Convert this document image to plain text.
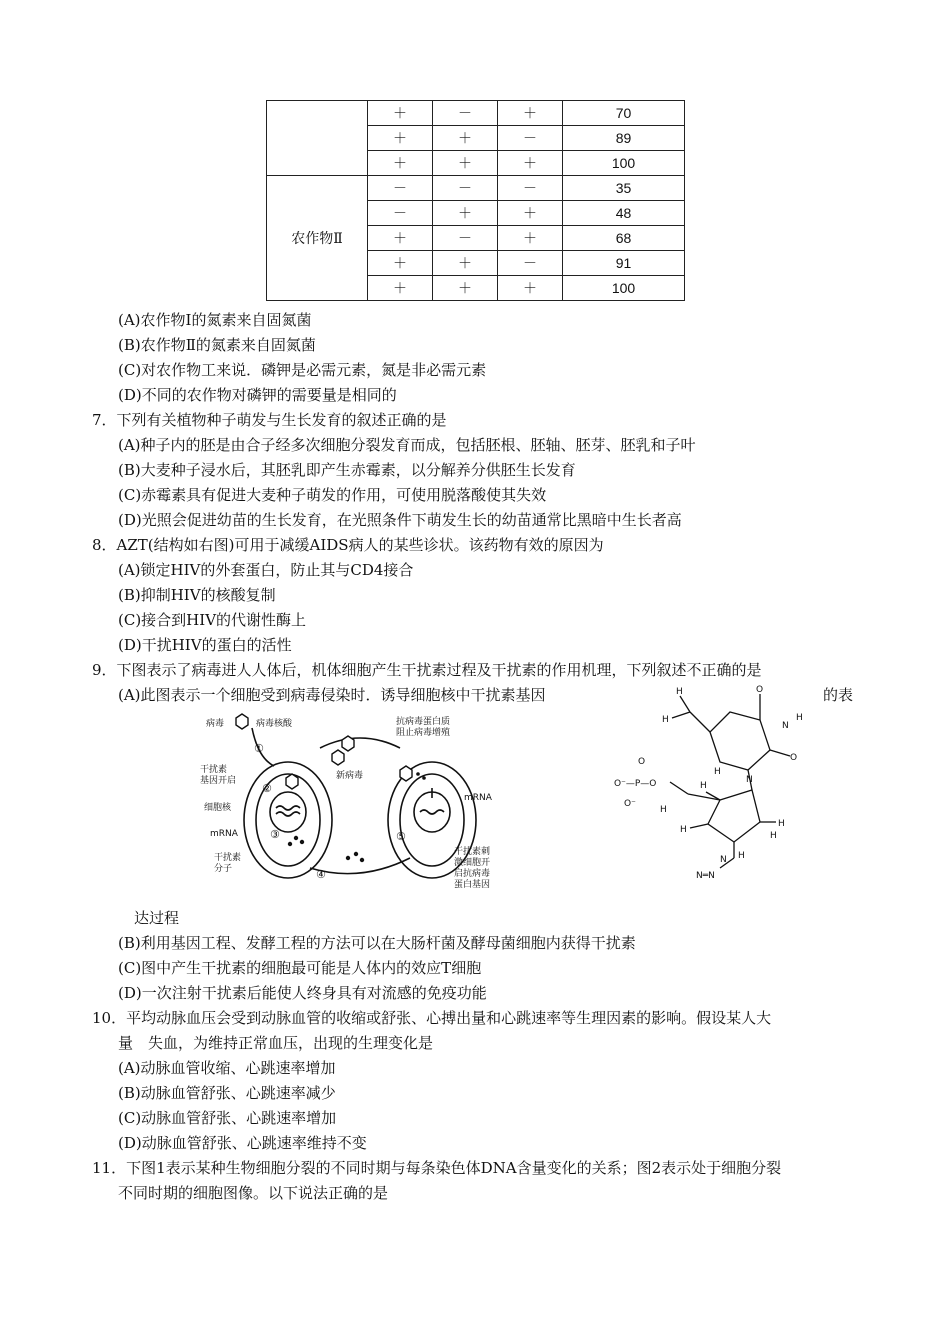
	＋	－	＋	70
	＋	＋	－	89
	＋	＋	＋	100
农作物Ⅱ	－	－	－	35
	－	＋	＋	48
	＋	－	＋	68
	＋	＋	－	91
	＋	＋	＋	100
(A)农作物Ⅰ的氮素来自固氮菌
(B)农作物Ⅱ的氮素来自固氮菌
(C)对农作物工来说．磷钾是必需元素，氮是非必需元素
(D)不同的农作物对磷钾的需要量是相同的
7．下列有关植物种子萌发与生长发育的叙述正确的是
(A)种子内的胚是由合子经多次细胞分裂发育而成，包括胚根、胚轴、胚芽、胚乳和子叶
(B)大麦种子浸水后，其胚乳即产生赤霉素，以分解养分供胚生长发育
(C)赤霉素具有促进大麦种子萌发的作用，可使用脱落酸使其失效
(D)光照会促进幼苗的生长发育，在光照条件下萌发生长的幼苗通常比黑暗中生长者高
8．AZT(结构如右图)可用于减缓AIDS病人的某些诊状。该药物有效的原因为
(A)锁定HIV的外套蛋白，防止其与CD4接合
(B)抑制HIV的核酸复制
(C)接合到HIV的代谢性酶上
(D)干扰HIV的蛋白的活性
9．下图表示了病毒进人人体后，机体细胞产生干扰素过程及干扰素的作用机理，下列叙述不正确的是
(A)此图表示一个细胞受到病毒侵染时．诱导细胞核中干扰素基因	的表
病毒	病毒核酸
①
干扰素
基因开启
②
细胞核
mRNA	③
干扰素
分子	④
新病毒
抗病毒蛋白质
阻止病毒增殖
mRNA
⑤
干扰素刺
激细胞开
启抗病毒
蛋白基因
O
O
N
H
N
H
H
H
O
O⁻—P—O
O⁻
H
H
H
H
H
H
N
N═N
达过程
(B)利用基因工程、发酵工程的方法可以在大肠杆菌及酵母菌细胞内获得干扰素
(C)图中产生干扰素的细胞最可能是人体内的效应T细胞
(D)一次注射干扰素后能使人终身具有对流感的免疫功能
10．平均动脉血压会受到动脉血管的收缩或舒张、心搏出量和心跳速率等生理因素的影响。假设某人大
量　失血，为维持正常血压，出现的生理变化是
(A)动脉血管收缩、心跳速率增加
(B)动脉血管舒张、心跳速率减少
(C)动脉血管舒张、心跳速率增加
(D)动脉血管舒张、心跳速率维持不变
11．下图1表示某种生物细胞分裂的不同时期与每条染色体DNA含量变化的关系；图2表示处于细胞分裂
不同时期的细胞图像。以下说法正确的是
